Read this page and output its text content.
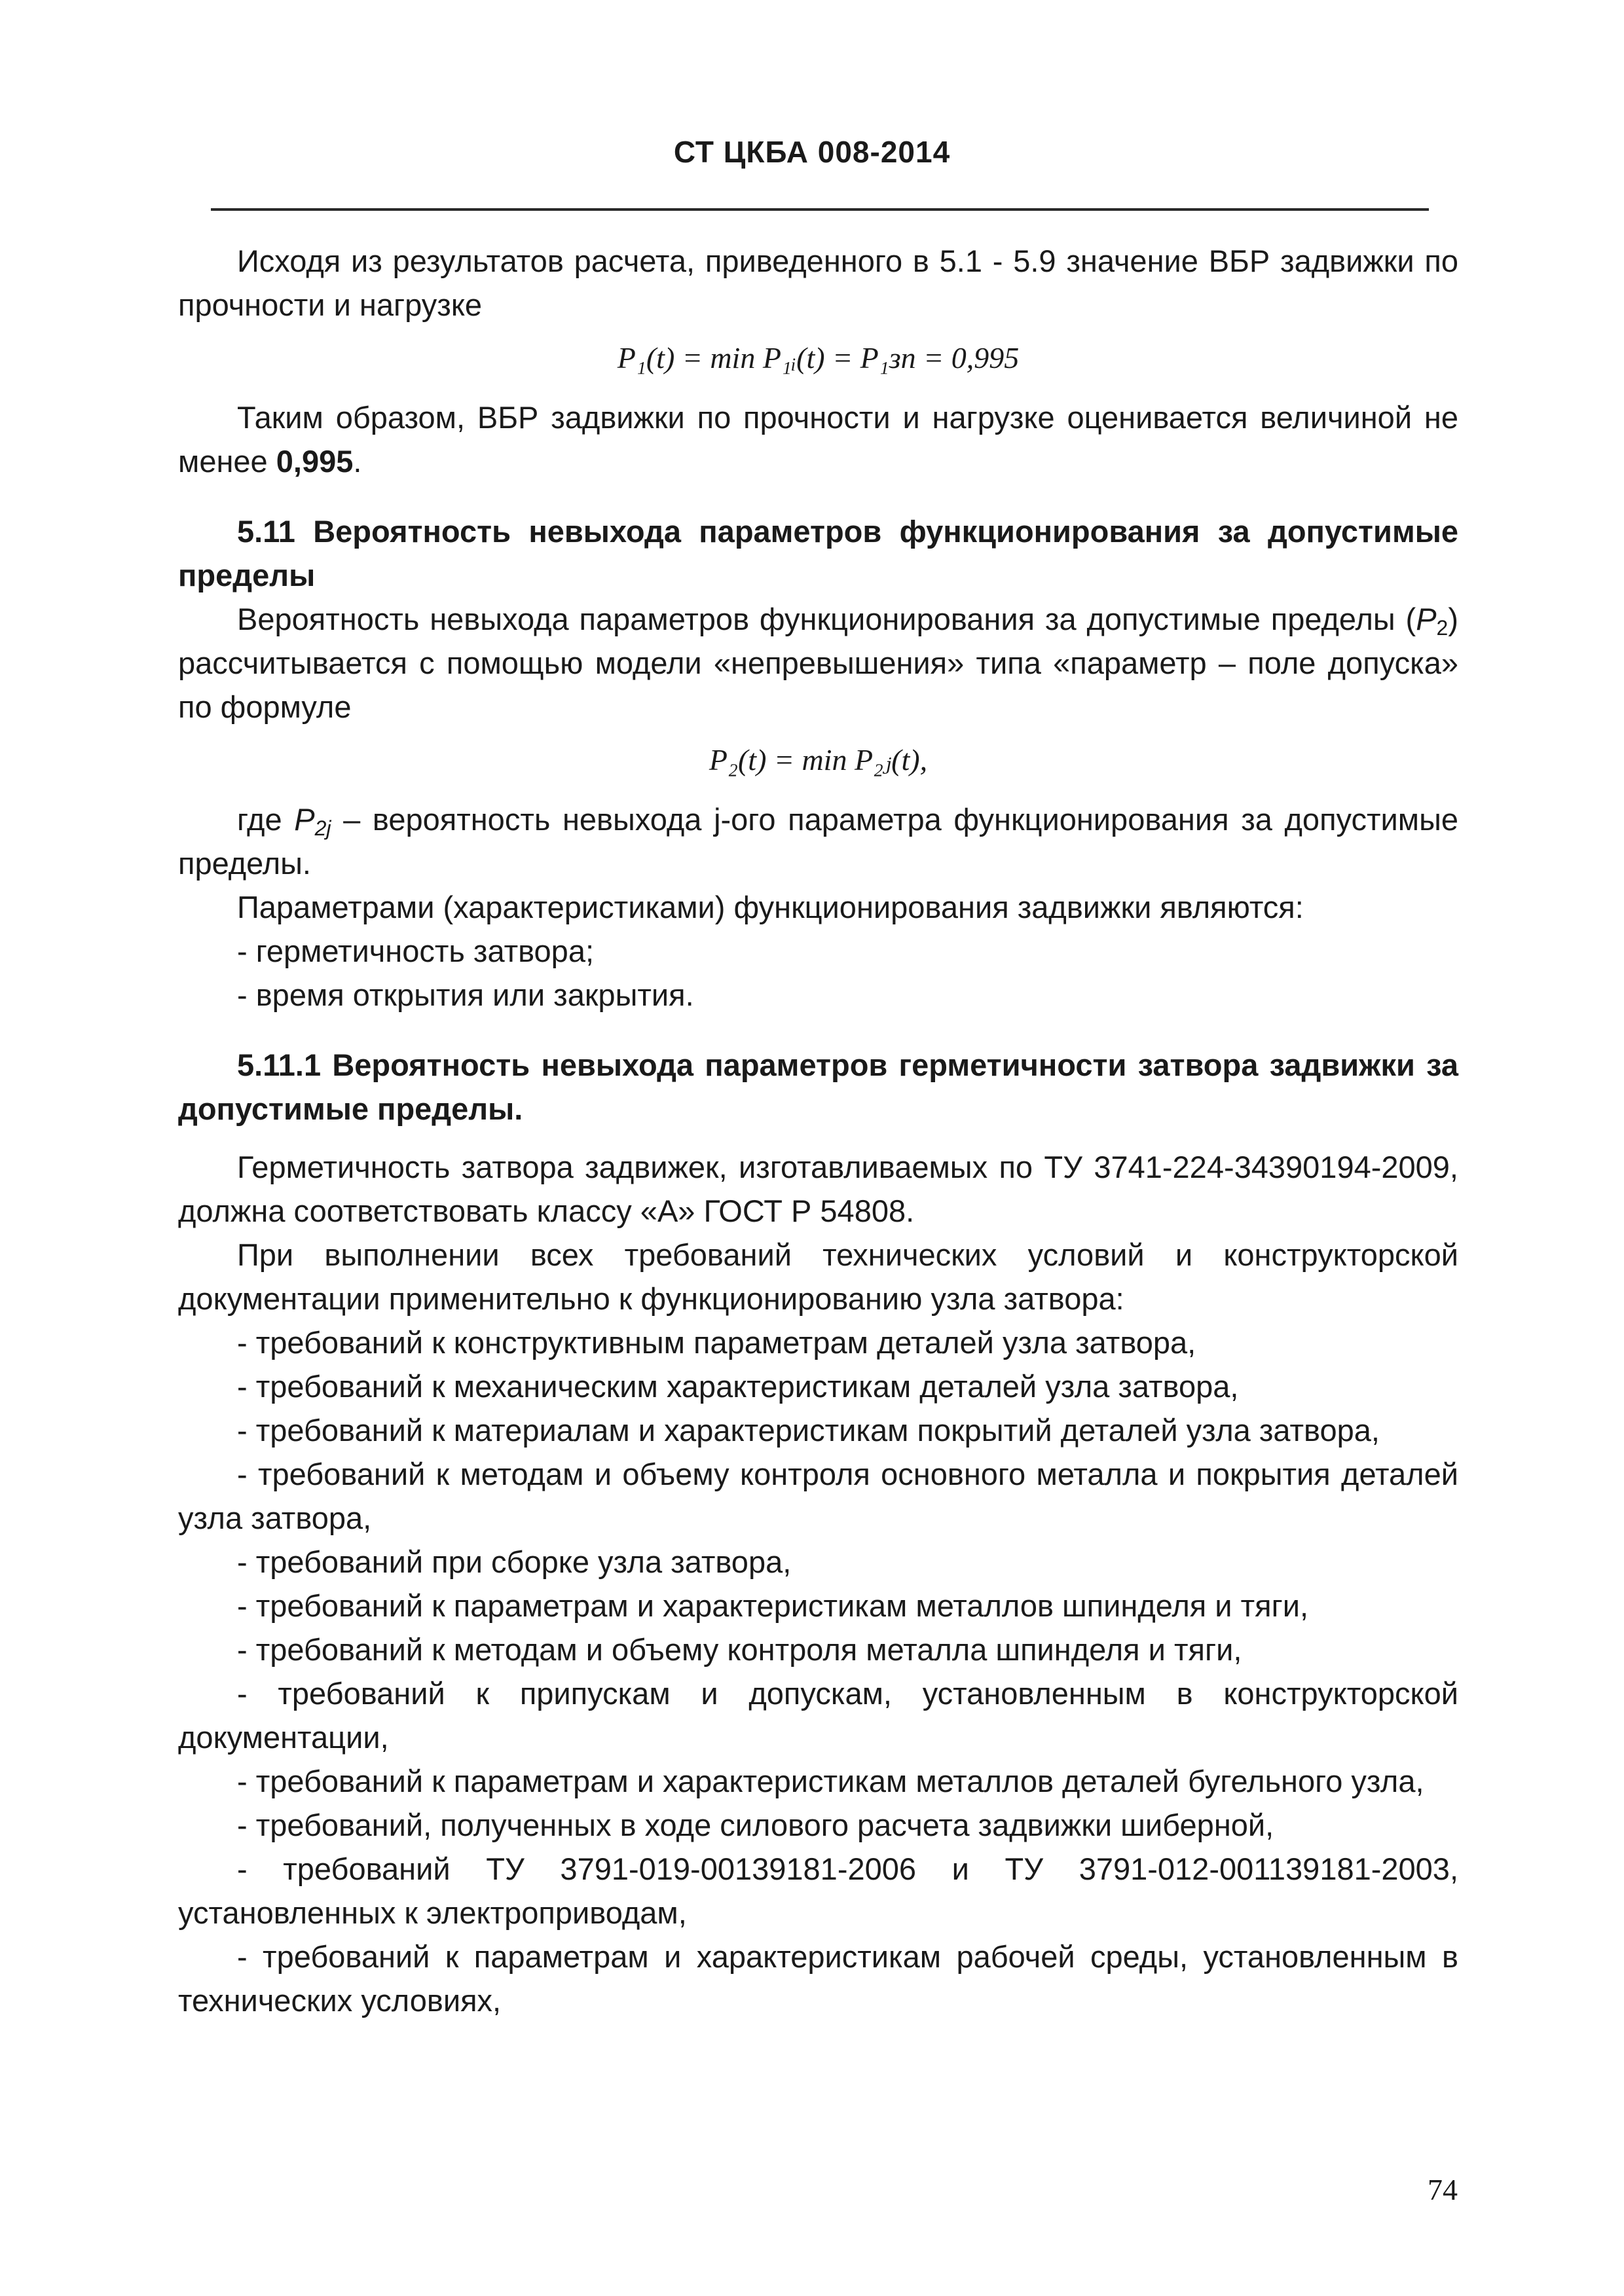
СТ ЦКБА 008-2014

Исходя из результатов расчета, приведенного в 5.1 - 5.9 значение ВБР задвижки по прочности и нагрузке

P₁(t) = min P₁ᵢ(t) = P₁зп = 0,995

Таким образом, ВБР задвижки по прочности и нагрузке оценивается величиной не менее 0,995.

5.11 Вероятность невыхода параметров функционирования за допустимые пределы

Вероятность невыхода параметров функционирования за допустимые пределы $(P_2)$ рассчитывается с помощью модели «непревышения» типа «параметр – поле допуска» по формуле

P₂(t) = min P₂ⱼ(t),

где $P_{2j}$ – вероятность невыхода j-ого параметра функционирования за допустимые пределы.

Параметрами (характеристиками) функционирования задвижки являются:

- герметичность затвора;

- время открытия или закрытия.

5.11.1 Вероятность невыхода параметров герметичности затвора задвижки за допустимые пределы.

Герметичность затвора задвижек, изготавливаемых по ТУ 3741-224-34390194-2009, должна соответствовать классу «А» ГОСТ Р 54808.

При выполнении всех требований технических условий и конструкторской документации применительно к функционированию узла затвора:

- требований к конструктивным параметрам деталей узла затвора,

- требований к механическим характеристикам деталей узла затвора,

- требований к материалам и характеристикам покрытий деталей узла затвора,

- требований к методам и объему контроля основного металла и покрытия деталей узла затвора,

- требований при сборке узла затвора,

- требований к параметрам и характеристикам металлов шпинделя и тяги,

- требований к методам и объему контроля металла шпинделя и тяги,

- требований к припускам и допускам, установленным в конструкторской документации,

- требований к параметрам и характеристикам металлов деталей бугельного узла,

- требований, полученных в ходе силового расчета задвижки шиберной,

- требований ТУ 3791-019-00139181-2006 и ТУ 3791-012-001139181-2003, установленных к электроприводам,

- требований к параметрам и характеристикам рабочей среды, установленным в технических условиях,

74
